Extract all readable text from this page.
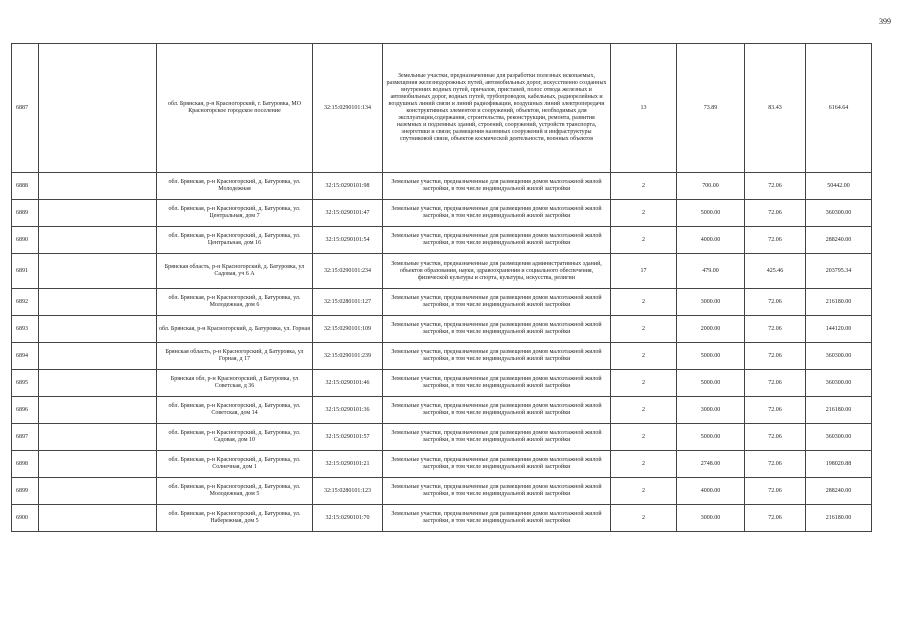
399
6887		обл. Брянская, р-н Красногорский, г. Батуровка, МО Красногорское городское поселение	32:15:0290101:134	Земельные участки, предназначенные для разработки полезных ископаемых, размещения железнодорожных путей, автомобильных дорог, искусственно созданных внутренних водных путей, причалов, пристаней, полос отвода железных и автомобильных дорог, водных путей, трубопроводов, кабельных, радиорелейных и воздушных линий связи и линий радиофикации, воздушных линий электропередачи конструктивных элементов и сооружений, объектов, необходимых для эксплуатации,содержания, строительства, реконструкции, ремонта, развития наземных и подземных зданий, строений, сооружений, устройств транспорта, энергетики и связи; размещения наземных сооружений и инфраструктуры спутниковой связи, объектов космической деятельности, военных объектов	13	73.89	83.43	6164.64
6888		обл. Брянская, р-н Красногорский, д. Батуровка, ул. Молодежная	32:15:0290101:98	Земельные участки, предназначенные для размещения домов малоэтажной жилой застройки, в том числе индивидуальной жилой застройки	2	700.00	72.06	50442.00
6889		обл. Брянская, р-н Красногорский, д. Батуровка, ул. Центральная, дом 7	32:15:0290101:47	Земельные участки, предназначенные для размещения домов малоэтажной жилой застройки, в том числе индивидуальной жилой застройки	2	5000.00	72.06	360300.00
6890		обл. Брянская, р-н Красногорский, д. Батуровка, ул. Центральная, дом 16	32:15:0290101:54	Земельные участки, предназначенные для размещения домов малоэтажной жилой застройки, в том числе индивидуальной жилой застройки	2	4000.00	72.06	288240.00
6891		Брянская область, р-н Красногорский, д. Батуровка, ул Садовая, уч 6 А	32:15:0290101:234	Земельные участки, предназначенные для размещения административных зданий, объектов образования, науки, здравоохранения и социального обеспечения, физической культуры и спорта, культуры, искусства, религии	17	479.00	425.46	203795.34
6892		обл. Брянская, р-н Красногорский, д. Батуровка, ул. Молодежная, дом 6	32:15:0280101:127	Земельные участки, предназначенные для размещения домов малоэтажной жилой застройки, в том числе индивидуальной жилой застройки	2	3000.00	72.06	216180.00
6893		обл. Брянская, р-н Красногорский, д. Батуровка, ул. Горная	32:15:0290101:109	Земельные участки, предназначенные для размещения домов малоэтажной жилой застройки, в том числе индивидуальной жилой застройки	2	2000.00	72.06	144120.00
6894		Брянская область, р-н Красногорский, д Батуровка, ул Горная, д 17	32:15:0290101:239	Земельные участки, предназначенные для размещения домов малоэтажной жилой застройки, в том числе индивидуальной жилой застройки	2	5000.00	72.06	360300.00
6895		Брянская обл, р-н Красногорский, д Батуровка, ул Советская, д 36	32:15:0290101:46	Земельные участки, предназначенные для размещения домов малоэтажной жилой застройки, в том числе индивидуальной жилой застройки	2	5000.00	72.06	360300.00
6896		обл. Брянская, р-н Красногорский, д. Батуровка, ул. Советская, дом 14	32:15:0290101:36	Земельные участки, предназначенные для размещения домов малоэтажной жилой застройки, в том числе индивидуальной жилой застройки	2	3000.00	72.06	216180.00
6897		обл. Брянская, р-н Красногорский, д. Батуровка, ул. Садовая, дом 10	32:15:0290101:57	Земельные участки, предназначенные для размещения домов малоэтажной жилой застройки, в том числе индивидуальной жилой застройки	2	5000.00	72.06	360300.00
6898		обл. Брянская, р-н Красногорский, д. Батуровка, ул. Солнечная, дом 1	32:15:0290101:21	Земельные участки, предназначенные для размещения домов малоэтажной жилой застройки, в том числе индивидуальной жилой застройки	2	2748.00	72.06	198020.88
6899		обл. Брянская, р-н Красногорский, д. Батуровка, ул. Молодежная, дом 5	32:15:0280101:123	Земельные участки, предназначенные для размещения домов малоэтажной жилой застройки, в том числе индивидуальной жилой застройки	2	4000.00	72.06	288240.00
6900		обл. Брянская, р-н Красногорский, д. Батуровка, ул. Набережная, дом 5	32:15:0290101:70	Земельные участки, предназначенные для размещения домов малоэтажной жилой застройки, в том числе индивидуальной жилой застройки	2	3000.00	72.06	216180.00
